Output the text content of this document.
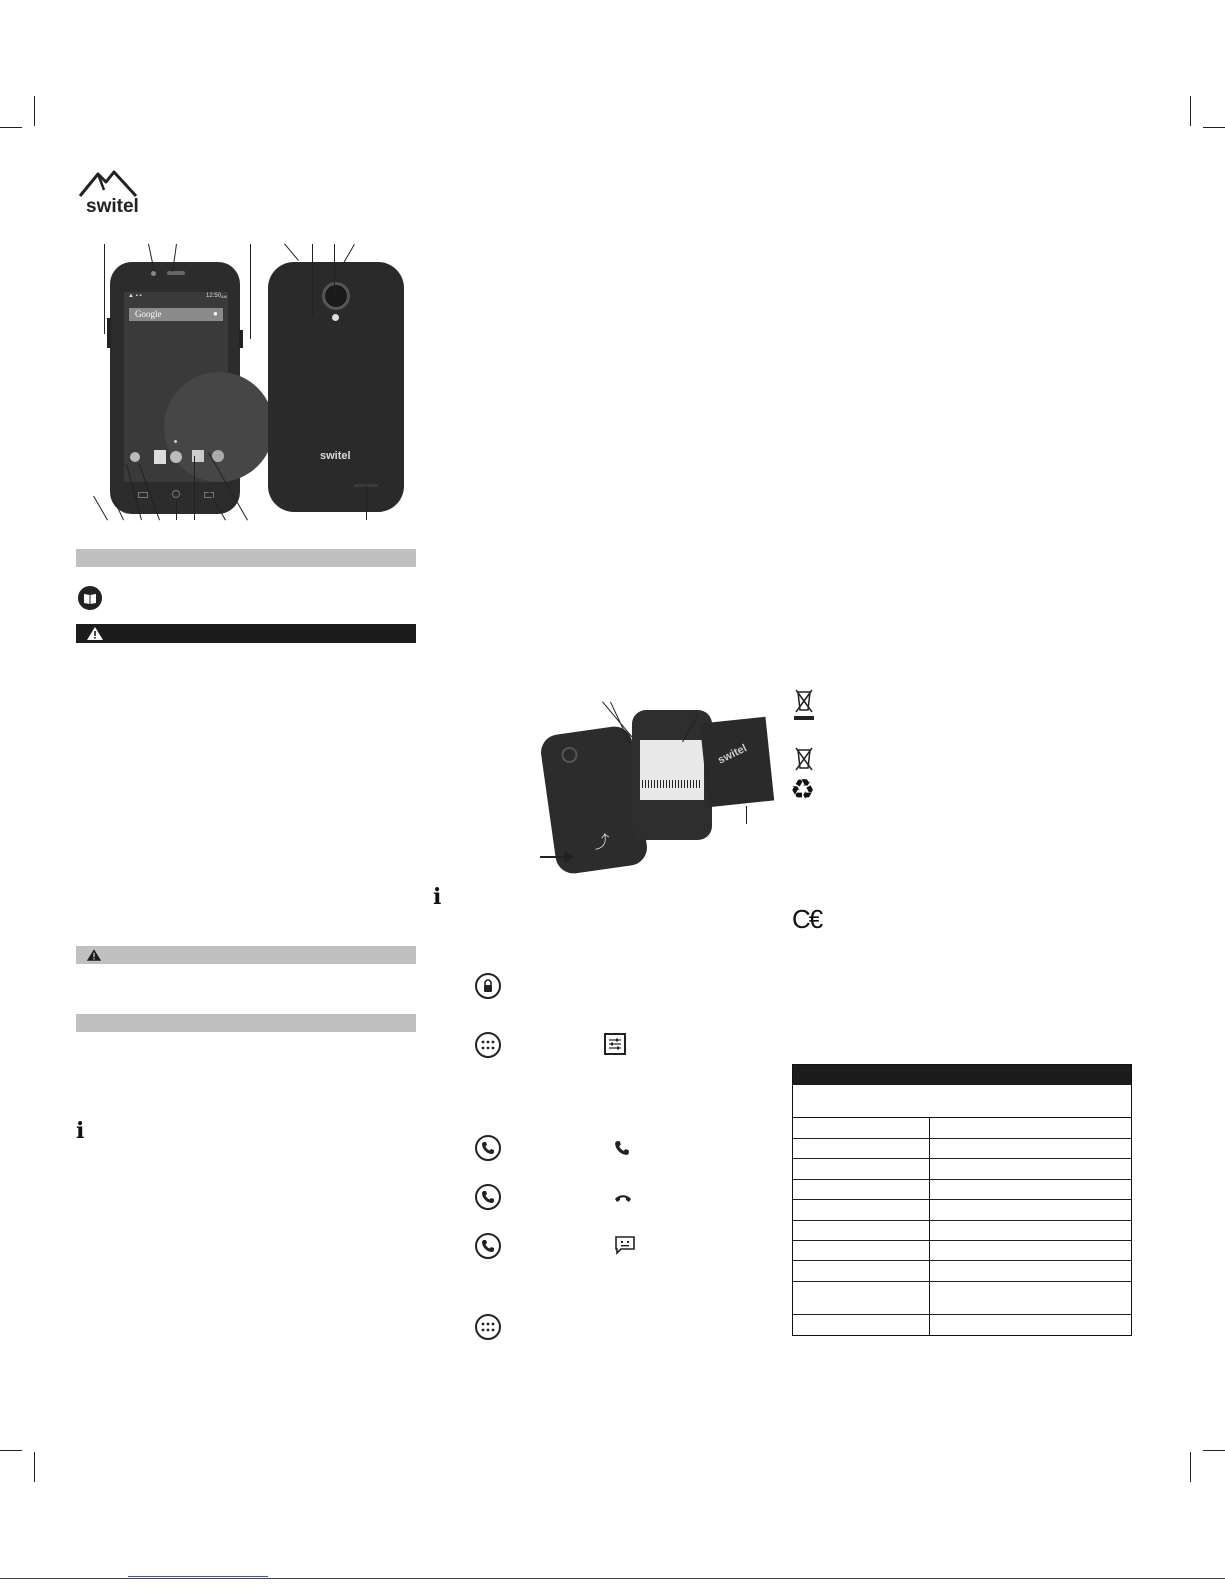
switel
▲ ▪ ▪	12:50 AM
Google	●
switel
i
⤴
switel
i
♻
C€
